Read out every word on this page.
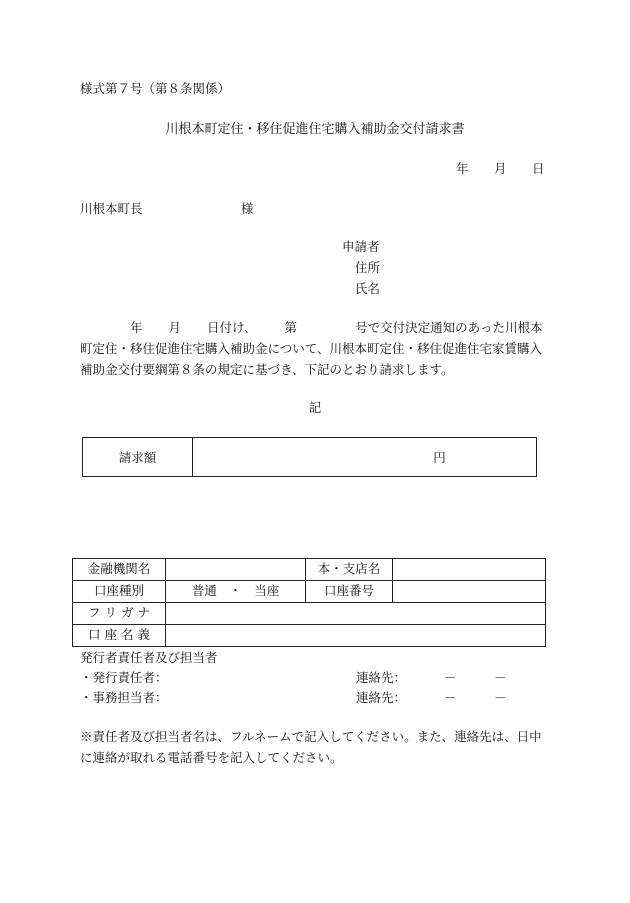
様式第７号（第８条関係）
川根本町定住・移住促進住宅購入補助金交付請求書
年 月 日
川根本町長	様
申請者
住所
氏名
年 月 日付け、 第	号で交付決定通知のあった川根本
町定住・移住促進住宅購入補助金について、川根本町定住・移住促進住宅家賃購入
補助金交付要綱第８条の規定に基づき、下記のとおり請求します。
記
請求額	円
金融機関名		本・支店名	
口座種別	普通　・　当座	口座番号	
フ リ ガ ナ			
口 座 名 義			
発行者責任者及び担当者
・発行責任者：	連絡先：	－	－
・事務担当者：	連絡先：	－	－
※責任者及び担当者名は、フルネームで記入してください。また、連絡先は、日中
に連絡が取れる電話番号を記入してください。
